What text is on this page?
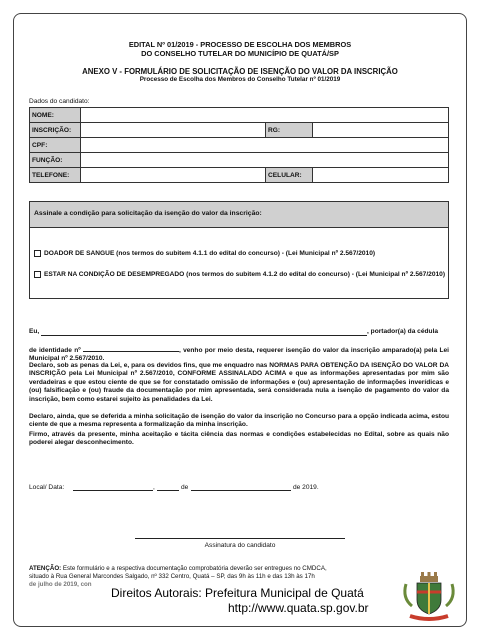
EDITAL Nº 01/2019 - PROCESSO DE ESCOLHA DOS MEMBROS
DO CONSELHO TUTELAR DO MUNICÍPIO DE QUATÁ/SP
ANEXO V - FORMULÁRIO DE SOLICITAÇÃO DE ISENÇÃO DO VALOR DA INSCRIÇÃO
Processo de Escolha dos Membros do Conselho Tutelar nº 01/2019
Dados do candidato:
NOME:			
INSCRIÇÃO:		RG:	
CPF:			
FUNÇÃO:			
TELEFONE:		CELULAR:	
Assinale a condição para solicitação da isenção do valor da inscrição:
DOADOR DE SANGUE (nos termos do subitem 4.1.1 do edital do concurso) - (Lei Municipal nº 2.567/2010)
ESTAR NA CONDIÇÃO DE DESEMPREGADO (nos termos do subitem 4.1.2 do edital do concurso) - (Lei Municipal nº 2.567/2010)
Eu,	, portador(a) da cédula
de identidade nº	, venho por meio desta, requerer isenção do valor da inscrição amparado(a) pela Lei Municipal nº 2.567/2010.
Declaro, sob as penas da Lei, e, para os devidos fins, que me enquadro nas NORMAS PARA OBTENÇÃO DA ISENÇÃO DO VALOR DA INSCRIÇÃO pela Lei Municipal nº 2.567/2010, CONFORME ASSINALADO ACIMA e que as informações apresentadas por mim são verdadeiras e que estou ciente de que se for constatado omissão de informações e (ou) apresentação de informações inverídicas e (ou) falsificação e (ou) fraude da documentação por mim apresentada, será considerada nula a isenção de pagamento do valor da inscrição, bem como estarei sujeito às penalidades da Lei.
Declaro, ainda, que se deferida a minha solicitação de isenção do valor da inscrição no Concurso para a opção indicada acima, estou ciente de que a mesma representa a formalização da minha inscrição.
Firmo, através da presente, minha aceitação e tácita ciência das normas e condições estabelecidas no Edital, sobre as quais não poderei alegar desconhecimento.
Local/ Data:	,	de	de 2019.
Assinatura do candidato
ATENÇÃO: Este formulário e a respectiva documentação comprobatória deverão ser entregues no CMDCA,
situado à Rua General Marcondes Salgado, nº 332 Centro, Quatá – SP, das 9h às 11h e das 13h às 17h
de julho de 2019, con
Direitos Autorais: Prefeitura Municipal de Quatá
http://www.quata.sp.gov.br
